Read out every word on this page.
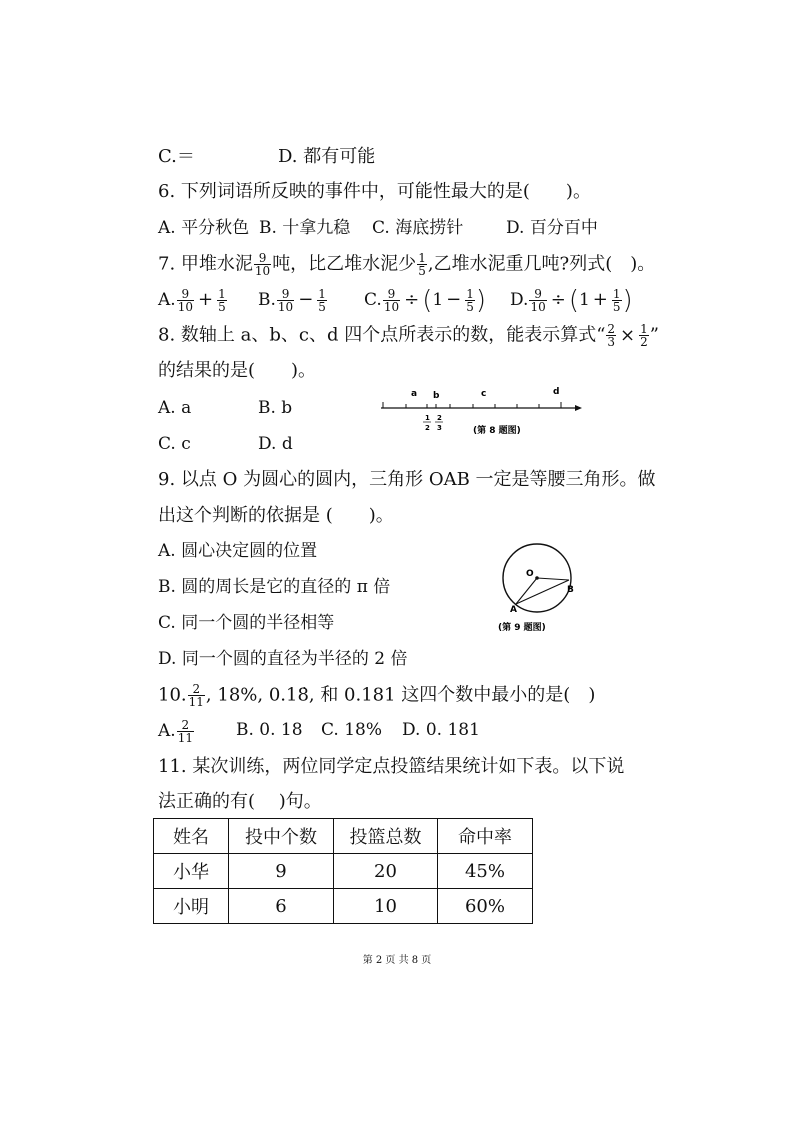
C.＝	D. 都有可能
6. 下列词语所反映的事件中，可能性最大的是(　　)。
A. 平分秋色 B. 十拿九稳 C. 海底捞针	D. 百分百中
7. 甲堆水泥 $\frac{9}{10}$ 吨，比乙堆水泥少 $\frac{1}{5}$ ,乙堆水泥重几吨?列式(　)。
A. $\frac{9}{10} + \frac{1}{5} B$. $\frac{9}{10} - \frac{1}{5} C$. $\frac{9}{10} \div (1 - \frac{1}{5}$ ) D. $\frac{9}{10} \div (1 + \frac{1}{5}$ )
8. 数轴上 a、b、c、d 四个点所表示的数，能表示算式“ $\frac{2}{3} \times \frac{1}{2}$ ”
的结果的是(　　)。
A. a	B. b
C. c	D. d
a b	c	d
1
2
2
3	(第 8 题图)
9. 以点 O 为圆心的圆内，三角形 OAB 一定是等腰三角形。做
出这个判断的依据是 (　　)。
A. 圆心决定圆的位置
B. 圆的周长是它的直径的 π 倍
C. 同一个圆的半径相等
D. 同一个圆的直径为半径的 2 倍
O
B
A
(第 9 题图)
10. $\frac{2}{11}$ , 18%, 0.18̇, 和 0.181 这四个数中最小的是(　)
A. $\frac{2}{11} B$. 0. 18 C. 18% D. 0. 181
11. 某次训练，两位同学定点投篮结果统计如下表。以下说
法正确的有(　 )句。
姓名	投中个数	投篮总数	命中率
小华	9	20	45%
小明	6	10	60%
第 2 页 共 8 页
